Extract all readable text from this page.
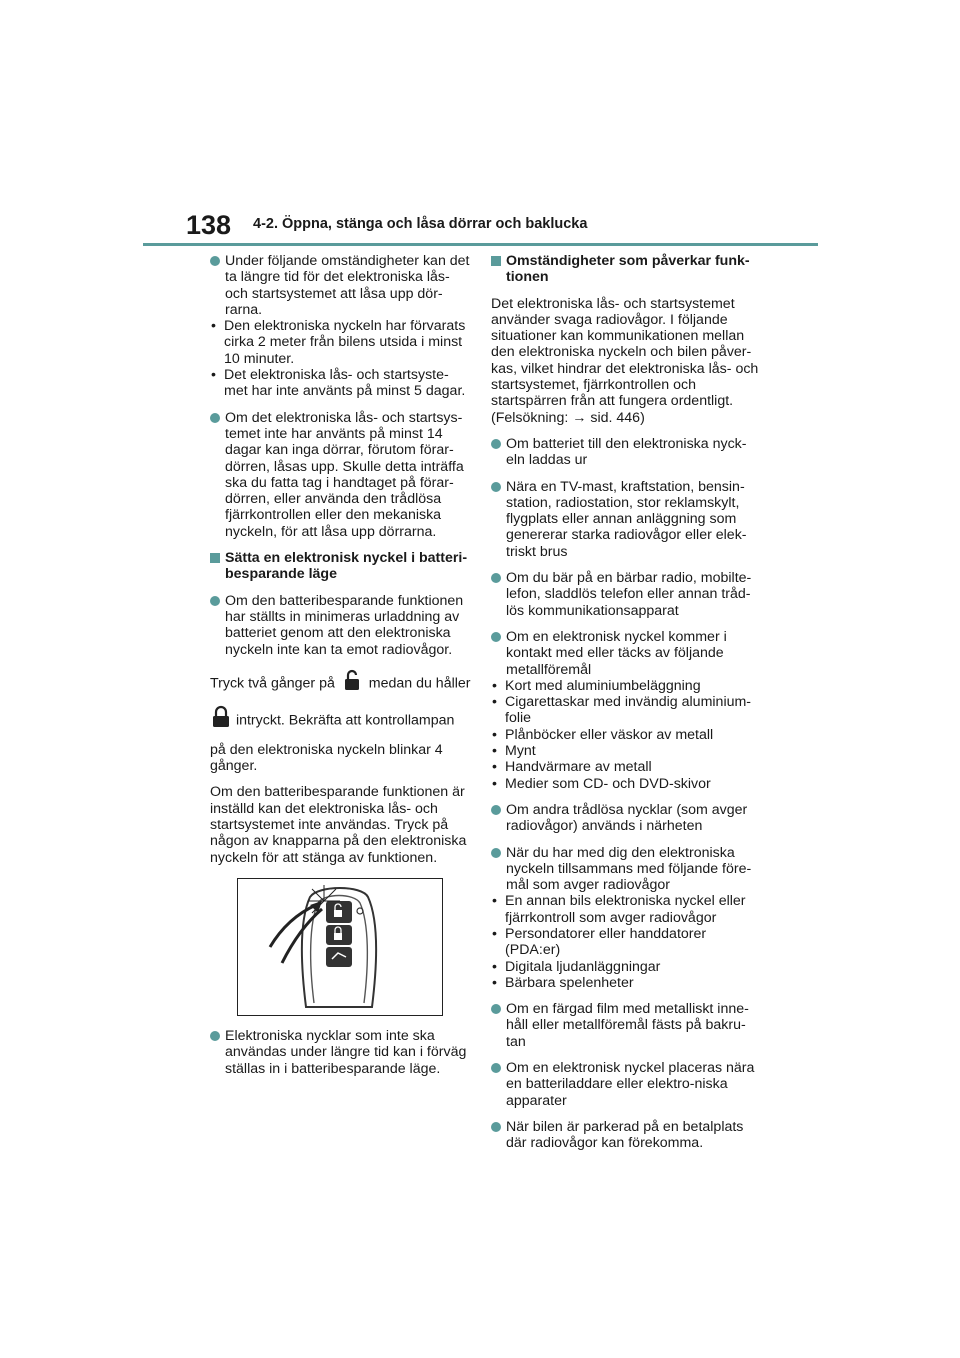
138 4-2. Öppna, stänga och låsa dörrar och baklucka
Under följande omständigheter kan det ta längre tid för det elektroniska lås- och startsystemet att låsa upp dör-rarna.
• Den elektroniska nyckeln har förvarats cirka 2 meter från bilens utsida i minst 10 minuter.
• Det elektroniska lås- och startsyste-met har inte använts på minst 5 dagar.
Om det elektroniska lås- och startsys-temet inte har använts på minst 14 dagar kan inga dörrar, förutom förar-dörren, låsas upp. Skulle detta inträffa ska du fatta tag i handtaget på förar-dörren, eller använda den trådlösa fjärrkontrollen eller den mekaniska nyckeln, för att låsa upp dörrarna.
Sätta en elektronisk nyckel i batteri-besparande läge
Om den batteribesparande funktionen har ställts in minimeras urladdning av batteriet genom att den elektroniska nyckeln inte kan ta emot radiovågor.
Tryck två gånger på medan du håller
intryckt. Bekräfta att kontrollampan
på den elektroniska nyckeln blinkar 4 gånger.
Om den batteribesparande funktionen är inställd kan det elektroniska lås- och startsystemet inte användas. Tryck på någon av knapparna på den elektroniska nyckeln för att stänga av funktionen.
Elektroniska nycklar som inte ska användas under längre tid kan i förväg ställas in i batteribesparande läge.
Omständigheter som påverkar funk-tionen
Det elektroniska lås- och startsystemet använder svaga radiovågor. I följande situationer kan kommunikationen mellan den elektroniska nyckeln och bilen påver-kas, vilket hindrar det elektroniska lås- och startsystemet, fjärrkontrollen och startspärren från att fungera ordentligt. (Felsökning: → sid. 446)
Om batteriet till den elektroniska nyck-eln laddas ur
Nära en TV-mast, kraftstation, bensin-station, radiostation, stor reklamskylt, flygplats eller annan anläggning som genererar starka radiovågor eller elek-triskt brus
Om du bär på en bärbar radio, mobilte-lefon, sladdlös telefon eller annan tråd-lös kommunikationsapparat
Om en elektronisk nyckel kommer i kontakt med eller täcks av följande metallföremål
• Kort med aluminiumbeläggning
• Cigarettaskar med invändig aluminium-folie
• Plånböcker eller väskor av metall
• Mynt
• Handvärmare av metall
• Medier som CD- och DVD-skivor
Om andra trådlösa nycklar (som avger radiovågor) används i närheten
När du har med dig den elektroniska nyckeln tillsammans med följande före-mål som avger radiovågor
• En annan bils elektroniska nyckel eller fjärrkontroll som avger radiovågor
• Persondatorer eller handdatorer (PDA:er)
• Digitala ljudanläggningar
• Bärbara spelenheter
Om en färgad film med metalliskt inne-håll eller metallföremål fästs på bakru-tan
Om en elektronisk nyckel placeras nära en batteriladdare eller elektro-niska apparater
När bilen är parkerad på en betalplats där radiovågor kan förekomma.
